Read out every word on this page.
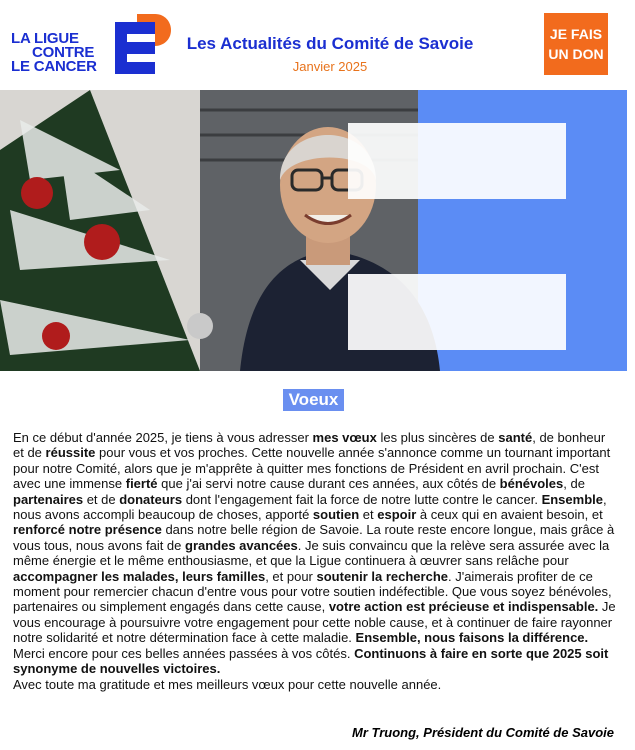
LA LIGUE
CONTRE
LE CANCER
Les Actualités du Comité de Savoie
Janvier 2025
JE FAIS
UN DON
Voeux

En ce début d'année 2025, je tiens à vous adresser mes vœux les plus sincères de santé, de bonheur et de réussite pour vous et vos proches. Cette nouvelle année s'annonce comme un tournant important pour notre Comité, alors que je m'apprête à quitter mes fonctions de Président en avril prochain. C'est avec une immense fierté que j'ai servi notre cause durant ces années, aux côtés de bénévoles, de partenaires et de donateurs dont l'engagement fait la force de notre lutte contre le cancer. Ensemble, nous avons accompli beaucoup de choses, apporté soutien et espoir à ceux qui en avaient besoin, et renforcé notre présence dans notre belle région de Savoie. La route reste encore longue, mais grâce à vous tous, nous avons fait de grandes avancées. Je suis convaincu que la relève sera assurée avec la même énergie et le même enthousiasme, et que la Ligue continuera à œuvrer sans relâche pour accompagner les malades, leurs familles, et pour soutenir la recherche. J'aimerais profiter de ce moment pour remercier chacun d'entre vous pour votre soutien indéfectible. Que vous soyez bénévoles, partenaires ou simplement engagés dans cette cause, votre action est précieuse et indispensable. Je vous encourage à poursuivre votre engagement pour cette noble cause, et à continuer de faire rayonner notre solidarité et notre détermination face à cette maladie. Ensemble, nous faisons la différence. Merci encore pour ces belles années passées à vos côtés. Continuons à faire en sorte que 2025 soit synonyme de nouvelles victoires.

Avec toute ma gratitude et mes meilleurs vœux pour cette nouvelle année.

Mr Truong, Président du Comité de Savoie
